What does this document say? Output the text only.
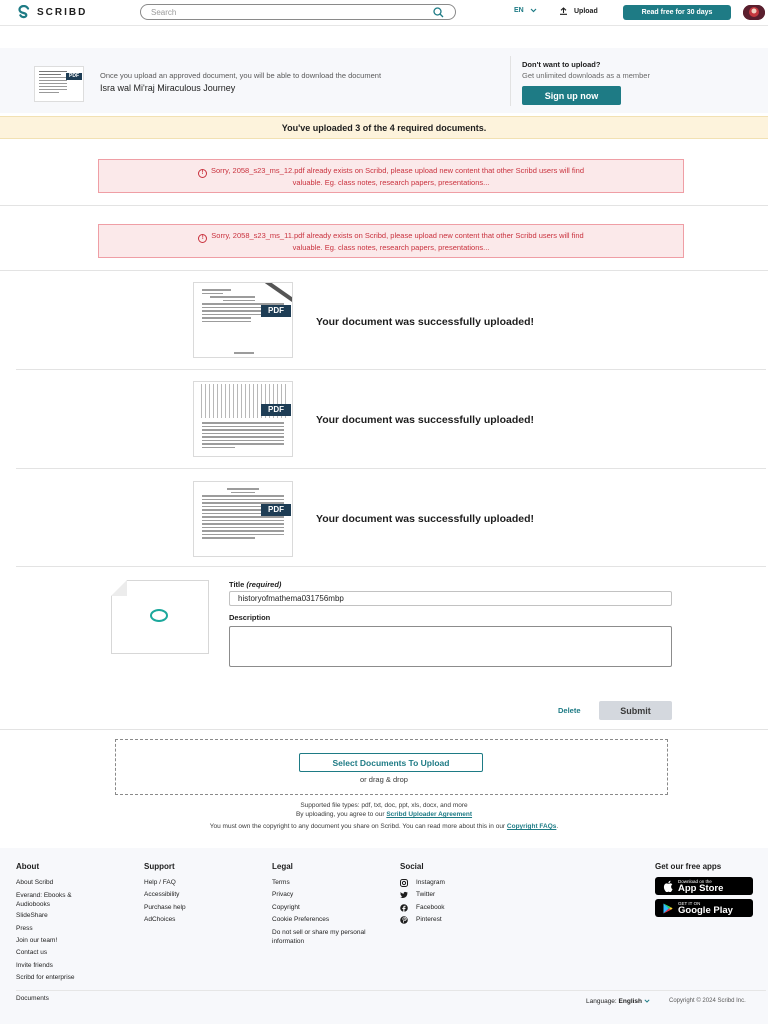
SCRIBD
Search	EN	Upload	Read free for 30 days
PDF	Once you upload an approved document, you will be able to download the document
Isra wal Mi'raj Miraculous Journey
Don't want to upload?
Get unlimited downloads as a member
Sign up now
You've uploaded 3 of the 4 required documents.
! Sorry, 2058_s23_ms_12.pdf already exists on Scribd, please upload new content that other Scribd users will find
valuable. Eg. class notes, research papers, presentations...
! Sorry, 2058_s23_ms_11.pdf already exists on Scribd, please upload new content that other Scribd users will find
valuable. Eg. class notes, research papers, presentations...
PDF
Your document was successfully uploaded!
PDF
Your document was successfully uploaded!
PDF
Your document was successfully uploaded!
Title (required)
historyofmathema031756mbp
Description
Delete	Submit
Select Documents To Upload
or drag & drop
Supported file types: pdf, txt, doc, ppt, xls, docx, and more
By uploading, you agree to our Scribd Uploader Agreement
You must own the copyright to any document you share on Scribd. You can read more about this in our Copyright FAQs.
About
About Scribd
Everand: Ebooks & Audiobooks
SlideShare
Press
Join our team!
Contact us
Invite friends
Scribd for enterprise
Support
Help / FAQ
Accessibility
Purchase help
AdChoices
Legal
Terms
Privacy
Copyright
Cookie Preferences
Do not sell or share my personal information
Social
Instagram
Twitter
Facebook
Pinterest
Get our free apps
Download on the
App Store
GET IT ON
Google Play
Documents	Language: English	Copyright © 2024 Scribd Inc.
